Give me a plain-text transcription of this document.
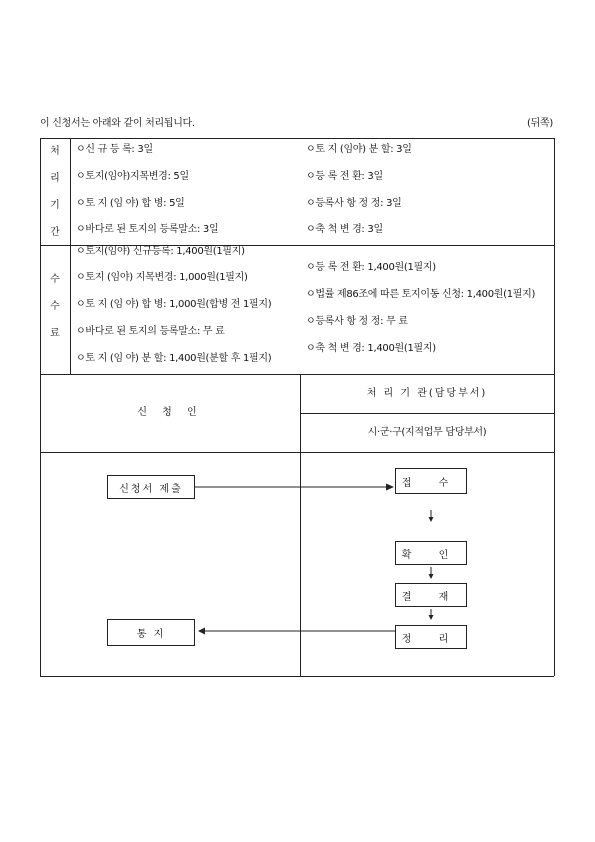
이 신청서는 아래와 같이 처리됩니다.	(뒤쪽)
처
리
기
간
ㅇ신 규 등 록: 3일
ㅇ토지(임야)지목변경: 5일
ㅇ토 지 (임 야) 합 병: 5일
ㅇ바다로 된 토지의 등록말소: 3일
ㅇ토 지 (임야) 분 할: 3일
ㅇ등 록 전 환: 3일
ㅇ등록사 항 정 정: 3일
ㅇ축 척 변 경: 3일
수
수
료
ㅇ토지(임야) 신규등록: 1,400원(1필지)
ㅇ토지 (임야) 지목변경: 1,000원(1필지)
ㅇ토 지 (임 야) 합 병: 1,000원(합병 전 1필지)
ㅇ바다로 된 토지의 등록말소: 무 료
ㅇ토 지 (임 야) 분 할: 1,400원(분할 후 1필지)
ㅇ등 록 전 환: 1,400원(1필지)
ㅇ법률 제86조에 따른 토지이동 신청: 1,400원(1필지)
ㅇ등록사 항 정 정: 무 료
ㅇ축 척 변 경: 1,400원(1필지)
신 청 인
처 리 기 관(담당부서)
시·군·구(지적업무 담당부서)
신청서 제출
통 지
접 수
확 인
결 재
정 리
